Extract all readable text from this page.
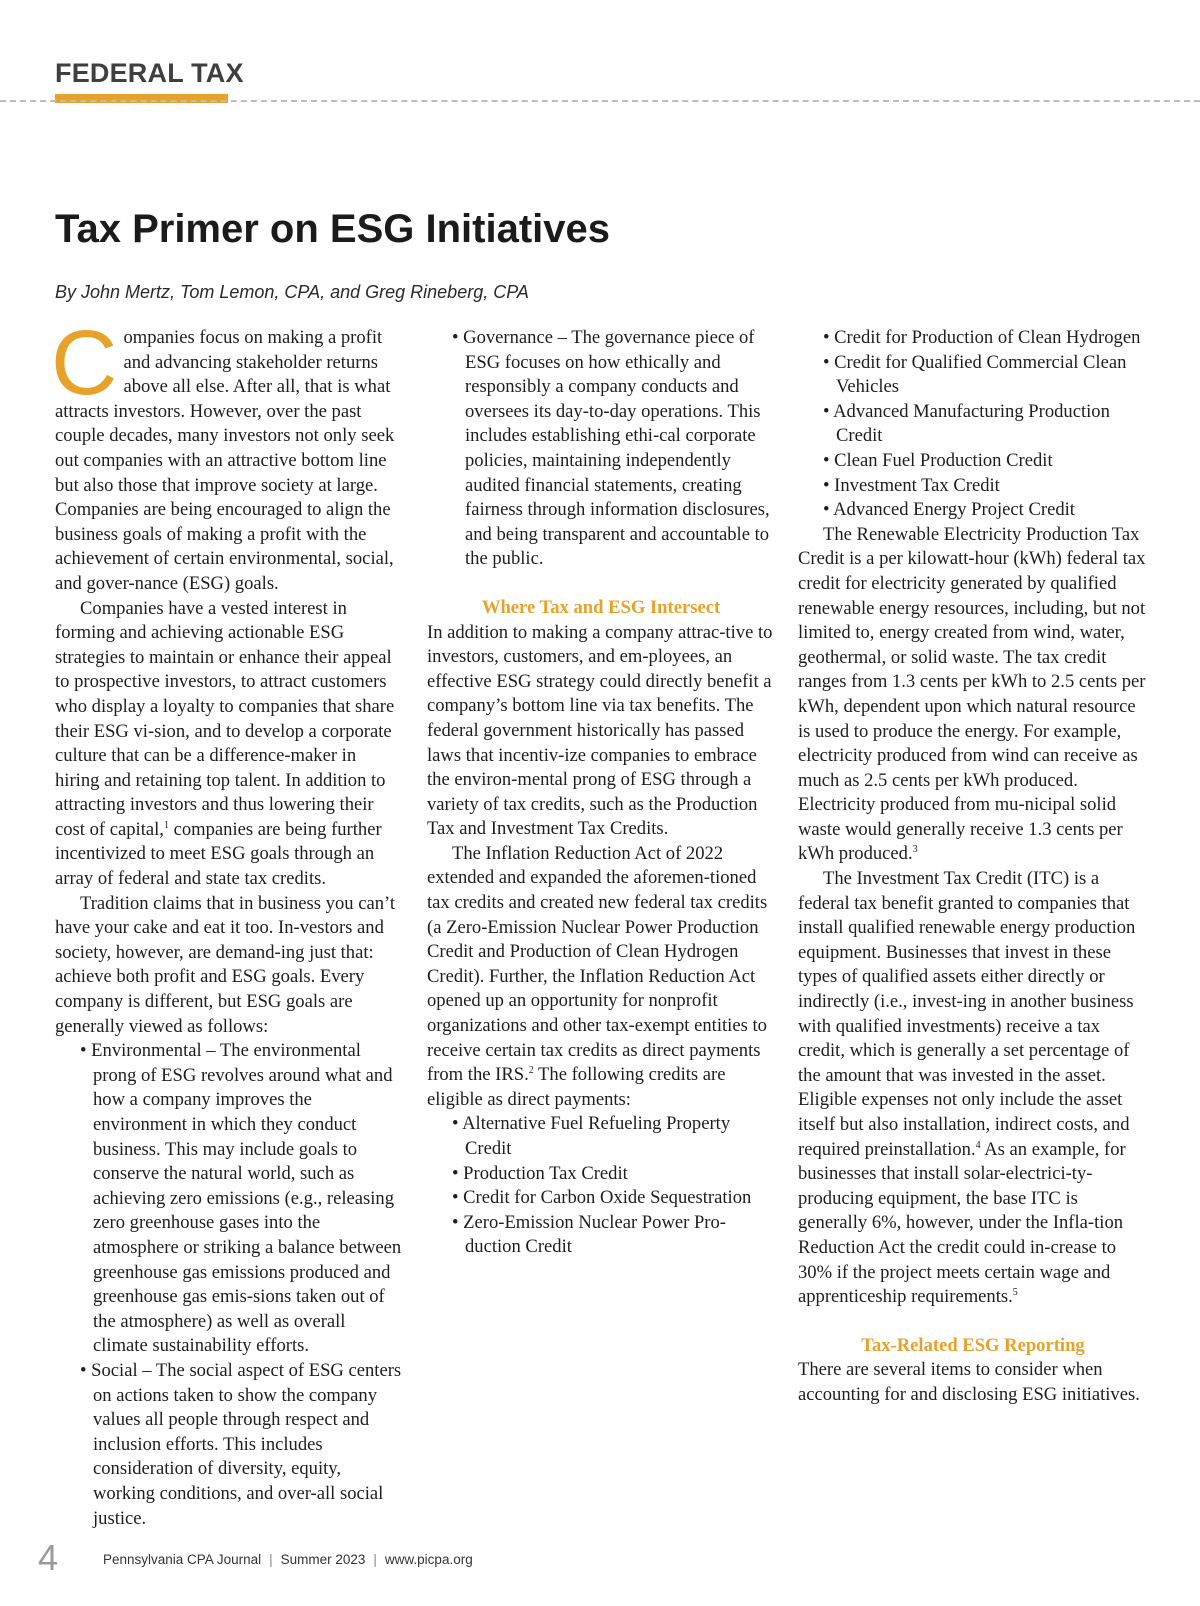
FEDERAL TAX
Tax Primer on ESG Initiatives
By John Mertz, Tom Lemon, CPA, and Greg Rineberg, CPA

Companies focus on making a profit and advancing stakeholder returns above all else. After all, that is what attracts investors. However, over the past couple decades, many investors not only seek out companies with an attractive bottom line but also those that improve society at large. Companies are being encouraged to align the business goals of making a profit with the achievement of certain environmental, social, and gover-nance (ESG) goals.

Companies have a vested interest in forming and achieving actionable ESG strategies to maintain or enhance their appeal to prospective investors, to attract customers who display a loyalty to companies that share their ESG vi-sion, and to develop a corporate culture that can be a difference-maker in hiring and retaining top talent. In addition to attracting investors and thus lowering their cost of capital,$^1$ companies are being further incentivized to meet ESG goals through an array of federal and state tax credits.

Tradition claims that in business you can’t have your cake and eat it too. In-vestors and society, however, are demand-ing just that: achieve both profit and ESG goals. Every company is different, but ESG goals are generally viewed as follows:

• Environmental – The environmental prong of ESG revolves around what and how a company improves the environment in which they conduct business. This may include goals to conserve the natural world, such as achieving zero emissions (e.g., releasing zero greenhouse gases into the atmosphere or striking a balance between greenhouse gas emissions produced and greenhouse gas emis-sions taken out of the atmosphere) as well as overall climate sustainability efforts.

• Social – The social aspect of ESG centers on actions taken to show the company values all people through respect and inclusion efforts. This includes consideration of diversity, equity, working conditions, and over-all social justice.

• Governance – The governance piece of ESG focuses on how ethically and responsibly a company conducts and oversees its day-to-day operations. This includes establishing ethi-cal corporate policies, maintaining independently audited financial statements, creating fairness through information disclosures, and being transparent and accountable to the public.

Where Tax and ESG Intersect

In addition to making a company attrac-tive to investors, customers, and em-ployees, an effective ESG strategy could directly benefit a company’s bottom line via tax benefits. The federal government historically has passed laws that incentiv-ize companies to embrace the environ-mental prong of ESG through a variety of tax credits, such as the Production Tax and Investment Tax Credits.

The Inflation Reduction Act of 2022 extended and expanded the aforemen-tioned tax credits and created new federal tax credits (a Zero-Emission Nuclear Power Production Credit and Production of Clean Hydrogen Credit). Further, the Inflation Reduction Act opened up an opportunity for nonprofit organizations and other tax-exempt entities to receive certain tax credits as direct payments from the IRS.$^2$ The following credits are eligible as direct payments:

• Alternative Fuel Refueling Property Credit

• Production Tax Credit

• Credit for Carbon Oxide Sequestration

• Zero-Emission Nuclear Power Pro-duction Credit

• Credit for Production of Clean Hydrogen

• Credit for Qualified Commercial Clean Vehicles

• Advanced Manufacturing Production Credit

• Clean Fuel Production Credit

• Investment Tax Credit

• Advanced Energy Project Credit

The Renewable Electricity Production Tax Credit is a per kilowatt-hour (kWh) federal tax credit for electricity generated by qualified renewable energy resources, including, but not limited to, energy created from wind, water, geothermal, or solid waste. The tax credit ranges from 1.3 cents per kWh to 2.5 cents per kWh, dependent upon which natural resource is used to produce the energy. For example, electricity produced from wind can receive as much as 2.5 cents per kWh produced. Electricity produced from mu-nicipal solid waste would generally receive 1.3 cents per kWh produced.$^3$

The Investment Tax Credit (ITC) is a federal tax benefit granted to companies that install qualified renewable energy production equipment. Businesses that invest in these types of qualified assets either directly or indirectly (i.e., invest-ing in another business with qualified investments) receive a tax credit, which is generally a set percentage of the amount that was invested in the asset. Eligible expenses not only include the asset itself but also installation, indirect costs, and required preinstallation.$^4$ As an example, for businesses that install solar-electrici-ty-producing equipment, the base ITC is generally 6%, however, under the Infla-tion Reduction Act the credit could in-crease to 30% if the project meets certain wage and apprenticeship requirements.$^5$

Tax-Related ESG Reporting

There are several items to consider when accounting for and disclosing ESG initiatives.

4	Pennsylvania CPA Journal | Summer 2023 | www.picpa.org
